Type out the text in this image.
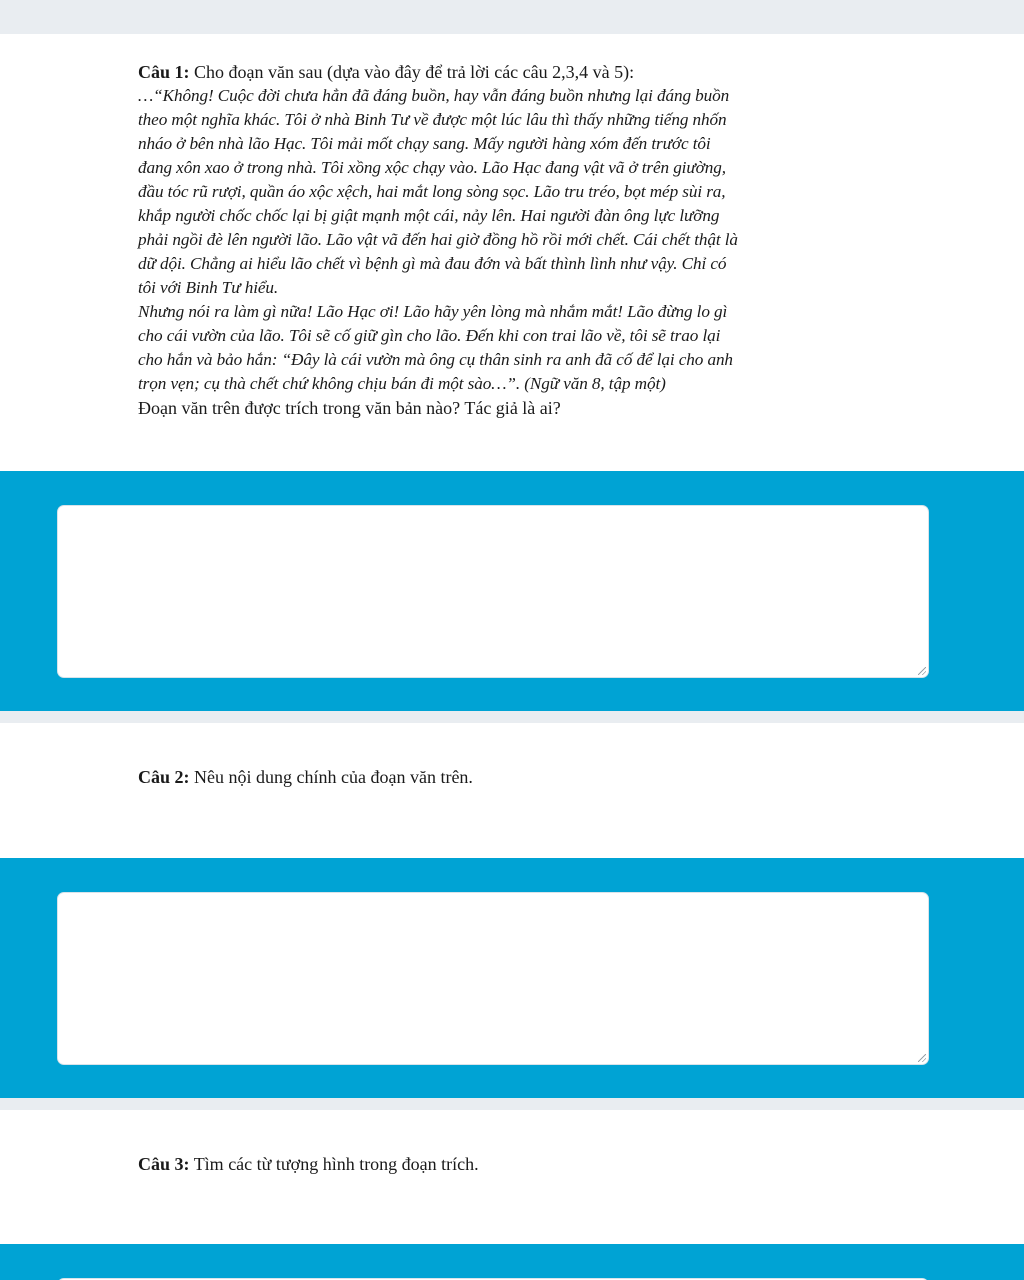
Câu 1: Cho đoạn văn sau (dựa vào đây để trả lời các câu 2,3,4 và 5):

…“Không! Cuộc đời chưa hẳn đã đáng buồn, hay vẫn đáng buồn nhưng lại đáng buồn

theo một nghĩa khác. Tôi ở nhà Binh Tư về được một lúc lâu thì thấy những tiếng nhốn

nháo ở bên nhà lão Hạc. Tôi mải mốt chạy sang. Mấy người hàng xóm đến trước tôi

đang xôn xao ở trong nhà. Tôi xồng xộc chạy vào. Lão Hạc đang vật vã ở trên giường,

đầu tóc rũ rượi, quần áo xộc xệch, hai mắt long sòng sọc. Lão tru tréo, bọt mép sùi ra,

khắp người chốc chốc lại bị giật mạnh một cái, nảy lên. Hai người đàn ông lực lưỡng

phải ngồi đè lên người lão. Lão vật vã đến hai giờ đồng hồ rồi mới chết. Cái chết thật là

dữ dội. Chẳng ai hiểu lão chết vì bệnh gì mà đau đớn và bất thình lình như vậy. Chỉ có

tôi với Binh Tư hiểu.

Nhưng nói ra làm gì nữa! Lão Hạc ơi! Lão hãy yên lòng mà nhắm mắt! Lão đừng lo gì

cho cái vườn của lão. Tôi sẽ cố giữ gìn cho lão. Đến khi con trai lão về, tôi sẽ trao lại

cho hắn và bảo hắn: “Đây là cái vườn mà ông cụ thân sinh ra anh đã cố để lại cho anh

trọn vẹn; cụ thà chết chứ không chịu bán đi một sào…”. (Ngữ văn 8, tập một)

Đoạn văn trên được trích trong văn bản nào? Tác giả là ai?

Câu 2: Nêu nội dung chính của đoạn văn trên.

Câu 3: Tìm các từ tượng hình trong đoạn trích.
